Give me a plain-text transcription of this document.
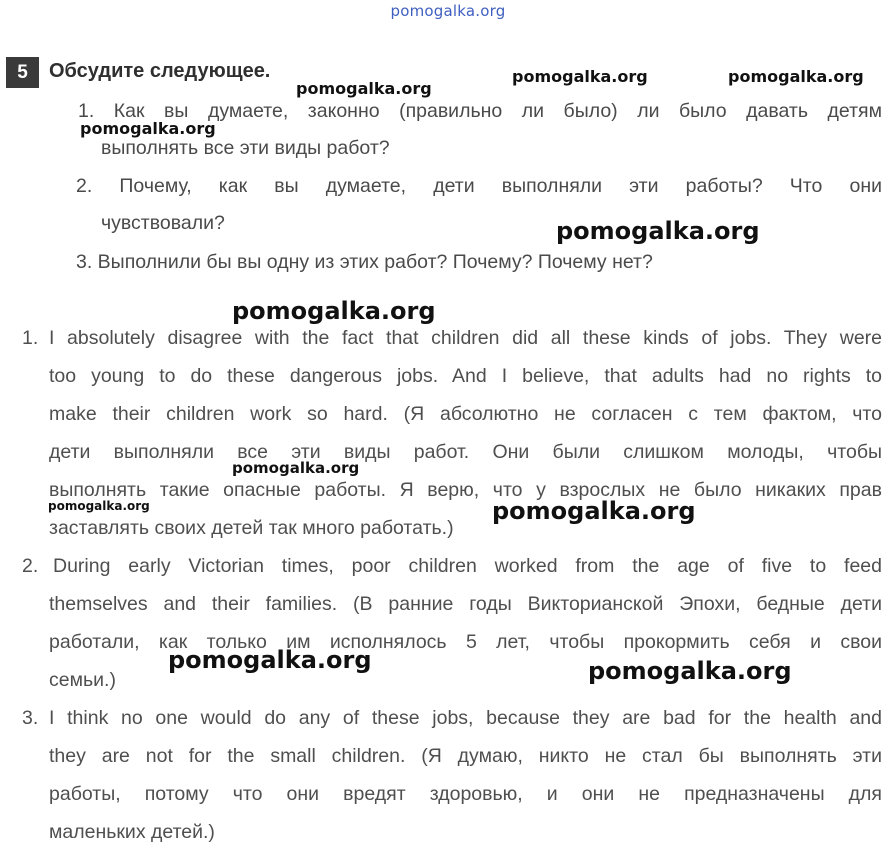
pomogalka.org
5	Обсудите следующее.
1. Как вы думаете, законно (правильно ли было) ли было давать детям
выполнять все эти виды работ?
2. Почему, как вы думаете, дети выполняли эти работы? Что они
чувствовали?
3. Выполнили бы вы одну из этих работ? Почему? Почему нет?
1. I absolutely disagree with the fact that children did all these kinds of jobs. They were
too young to do these dangerous jobs. And I believe, that adults had no rights to
make their children work so hard. (Я абсолютно не согласен с тем фактом, что
дети выполняли все эти виды работ. Они были слишком молоды, чтобы
выполнять такие опасные работы. Я верю, что у взрослых не было никаких прав
заставлять своих детей так много работать.)
2. During early Victorian times, poor children worked from the age of five to feed
themselves and their families. (В ранние годы Викторианской Эпохи, бедные дети
работали, как только им исполнялось 5 лет, чтобы прокормить себя и свои
семьи.)
3. I think no one would do any of these jobs, because they are bad for the health and
they are not for the small children. (Я думаю, никто не стал бы выполнять эти
работы, потому что они вредят здоровью, и они не предназначены для
маленьких детей.)
pomogalka.org
pomogalka.org	pomogalka.org
pomogalka.org
pomogalka.org
pomogalka.org
pomogalka.org
pomogalka.org	pomogalka.org
pomogalka.org	pomogalka.org
